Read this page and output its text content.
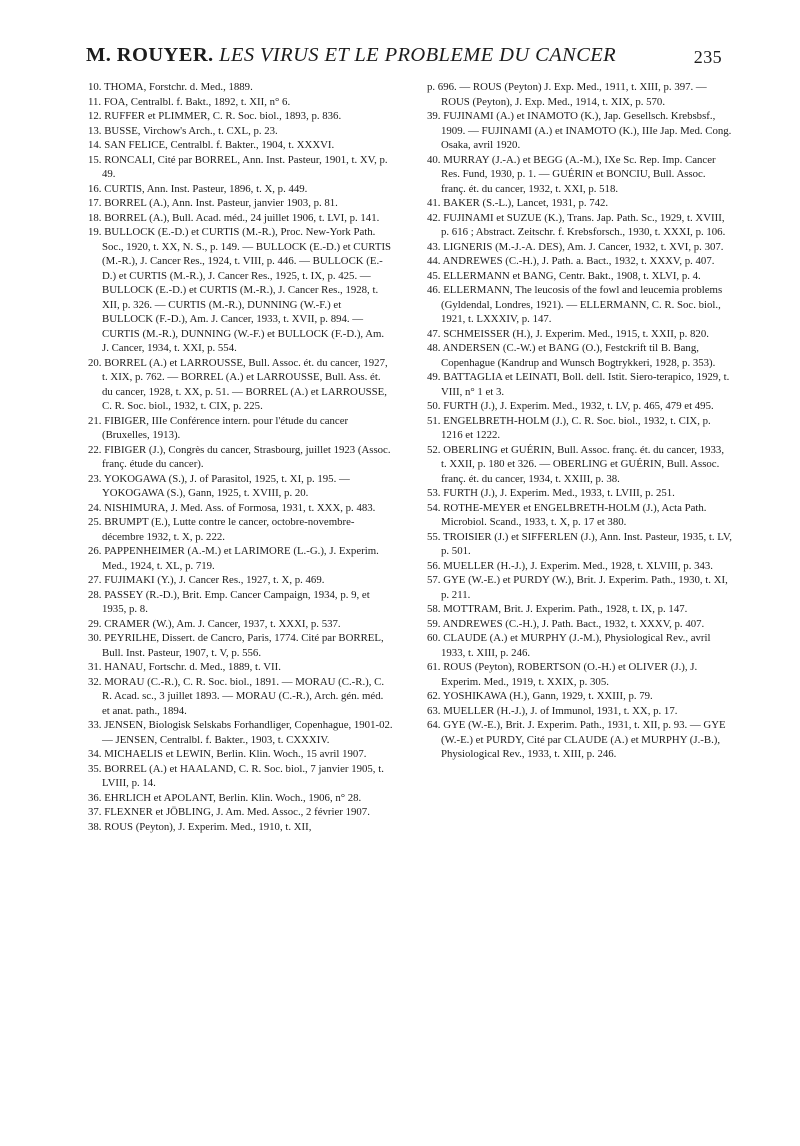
M. ROUYER. LES VIRUS ET LE PROBLEME DU CANCER	235

10. THOMA, Forstchr. d. Med., 1889.

11. FOA, Centralbl. f. Bakt., 1892, t. XII, n° 6.

12. RUFFER et PLIMMER, C. R. Soc. biol., 1893, p. 836.

13. BUSSE, Virchow's Arch., t. CXL, p. 23.

14. SAN FELICE, Centralbl. f. Bakter., 1904, t. XXXVI.

15. RONCALI, Cité par BORREL, Ann. Inst. Pasteur, 1901, t. XV, p. 49.

16. CURTIS, Ann. Inst. Pasteur, 1896, t. X, p. 449.

17. BORREL (A.), Ann. Inst. Pasteur, janvier 1903, p. 81.

18. BORREL (A.), Bull. Acad. méd., 24 juillet 1906, t. LVI, p. 141.

19. BULLOCK (E.-D.) et CURTIS (M.-R.), Proc. New-York Path. Soc., 1920, t. XX, N. S., p. 149. — BULLOCK (E.-D.) et CURTIS (M.-R.), J. Cancer Res., 1924, t. VIII, p. 446. — BULLOCK (E.-D.) et CURTIS (M.-R.), J. Cancer Res., 1925, t. IX, p. 425. — BULLOCK (E.-D.) et CURTIS (M.-R.), J. Cancer Res., 1928, t. XII, p. 326. — CURTIS (M.-R.), DUNNING (W.-F.) et BULLOCK (F.-D.), Am. J. Cancer, 1933, t. XVII, p. 894. — CURTIS (M.-R.), DUNNING (W.-F.) et BULLOCK (F.-D.), Am. J. Cancer, 1934, t. XXI, p. 554.

20. BORREL (A.) et LARROUSSE, Bull. Assoc. ét. du cancer, 1927, t. XIX, p. 762. — BORREL (A.) et LARROUSSE, Bull. Ass. ét. du cancer, 1928, t. XX, p. 51. — BORREL (A.) et LARROUSSE, C. R. Soc. biol., 1932, t. CIX, p. 225.

21. FIBIGER, IIIe Conférence intern. pour l'étude du cancer (Bruxelles, 1913).

22. FIBIGER (J.), Congrès du cancer, Strasbourg, juillet 1923 (Assoc. franç. étude du cancer).

23. YOKOGAWA (S.), J. of Parasitol, 1925, t. XI, p. 195. — YOKOGAWA (S.), Gann, 1925, t. XVIII, p. 20.

24. NISHIMURA, J. Med. Ass. of Formosa, 1931, t. XXX, p. 483.

25. BRUMPT (E.), Lutte contre le cancer, octobre-novembre-décembre 1932, t. X, p. 222.

26. PAPPENHEIMER (A.-M.) et LARIMORE (L.-G.), J. Experim. Med., 1924, t. XL, p. 719.

27. FUJIMAKI (Y.), J. Cancer Res., 1927, t. X, p. 469.

28. PASSEY (R.-D.), Brit. Emp. Cancer Campaign, 1934, p. 9, et 1935, p. 8.

29. CRAMER (W.), Am. J. Cancer, 1937, t. XXXI, p. 537.

30. PEYRILHE, Dissert. de Cancro, Paris, 1774. Cité par BORREL, Bull. Inst. Pasteur, 1907, t. V, p. 556.

31. HANAU, Fortschr. d. Med., 1889, t. VII.

32. MORAU (C.-R.), C. R. Soc. biol., 1891. — MORAU (C.-R.), C. R. Acad. sc., 3 juillet 1893. — MORAU (C.-R.), Arch. gén. méd. et anat. path., 1894.

33. JENSEN, Biologisk Selskabs Forhandliger, Copenhague, 1901-02. — JENSEN, Centralbl. f. Bakter., 1903, t. CXXXIV.

34. MICHAELIS et LEWIN, Berlin. Klin. Woch., 15 avril 1907.

35. BORREL (A.) et HAALAND, C. R. Soc. biol., 7 janvier 1905, t. LVIII, p. 14.

36. EHRLICH et APOLANT, Berlin. Klin. Woch., 1906, n° 28.

37. FLEXNER et JÖBLING, J. Am. Med. Assoc., 2 février 1907.

38. ROUS (Peyton), J. Experim. Med., 1910, t. XII,

p. 696. — ROUS (Peyton) J. Exp. Med., 1911, t. XIII, p. 397. — ROUS (Peyton), J. Exp. Med., 1914, t. XIX, p. 570.

39. FUJINAMI (A.) et INAMOTO (K.), Jap. Gesellsch. Krebsbsf., 1909. — FUJINAMI (A.) et INAMOTO (K.), IIIe Jap. Med. Cong. Osaka, avril 1920.

40. MURRAY (J.-A.) et BEGG (A.-M.), IXe Sc. Rep. Imp. Cancer Res. Fund, 1930, p. 1. — GUÉRIN et BONCIU, Bull. Assoc. franç. ét. du cancer, 1932, t. XXI, p. 518.

41. BAKER (S.-L.), Lancet, 1931, p. 742.

42. FUJINAMI et SUZUE (K.), Trans. Jap. Path. Sc., 1929, t. XVIII, p. 616 ; Abstract. Zeitschr. f. Krebsforsch., 1930, t. XXXI, p. 106.

43. LIGNERIS (M.-J.-A. DES), Am. J. Cancer, 1932, t. XVI, p. 307.

44. ANDREWES (C.-H.), J. Path. a. Bact., 1932, t. XXXV, p. 407.

45. ELLERMANN et BANG, Centr. Bakt., 1908, t. XLVI, p. 4.

46. ELLERMANN, The leucosis of the fowl and leucemia problems (Gyldendal, Londres, 1921). — ELLERMANN, C. R. Soc. biol., 1921, t. LXXXIV, p. 147.

47. SCHMEISSER (H.), J. Experim. Med., 1915, t. XXII, p. 820.

48. ANDERSEN (C.-W.) et BANG (O.), Festckrift til B. Bang, Copenhague (Kandrup and Wunsch Bogtrykkeri, 1928, p. 353).

49. BATTAGLIA et LEINATI, Boll. dell. Istit. Siero-terapico, 1929, t. VIII, n° 1 et 3.

50. FURTH (J.), J. Experim. Med., 1932, t. LV, p. 465, 479 et 495.

51. ENGELBRETH-HOLM (J.), C. R. Soc. biol., 1932, t. CIX, p. 1216 et 1222.

52. OBERLING et GUÉRIN, Bull. Assoc. franç. ét. du cancer, 1933, t. XXII, p. 180 et 326. — OBERLING et GUÉRIN, Bull. Assoc. franç. ét. du cancer, 1934, t. XXIII, p. 38.

53. FURTH (J.), J. Experim. Med., 1933, t. LVIII, p. 251.

54. ROTHE-MEYER et ENGELBRETH-HOLM (J.), Acta Path. Microbiol. Scand., 1933, t. X, p. 17 et 380.

55. TROISIER (J.) et SIFFERLEN (J.), Ann. Inst. Pasteur, 1935, t. LV, p. 501.

56. MUELLER (H.-J.), J. Experim. Med., 1928, t. XLVIII, p. 343.

57. GYE (W.-E.) et PURDY (W.), Brit. J. Experim. Path., 1930, t. XI, p. 211.

58. MOTTRAM, Brit. J. Experim. Path., 1928, t. IX, p. 147.

59. ANDREWES (C.-H.), J. Path. Bact., 1932, t. XXXV, p. 407.

60. CLAUDE (A.) et MURPHY (J.-M.), Physiological Rev., avril 1933, t. XIII, p. 246.

61. ROUS (Peyton), ROBERTSON (O.-H.) et OLIVER (J.), J. Experim. Med., 1919, t. XXIX, p. 305.

62. YOSHIKAWA (H.), Gann, 1929, t. XXIII, p. 79.

63. MUELLER (H.-J.), J. of Immunol, 1931, t. XX, p. 17.

64. GYE (W.-E.), Brit. J. Experim. Path., 1931, t. XII, p. 93. — GYE (W.-E.) et PURDY, Cité par CLAUDE (A.) et MURPHY (J.-B.), Physiological Rev., 1933, t. XIII, p. 246.
